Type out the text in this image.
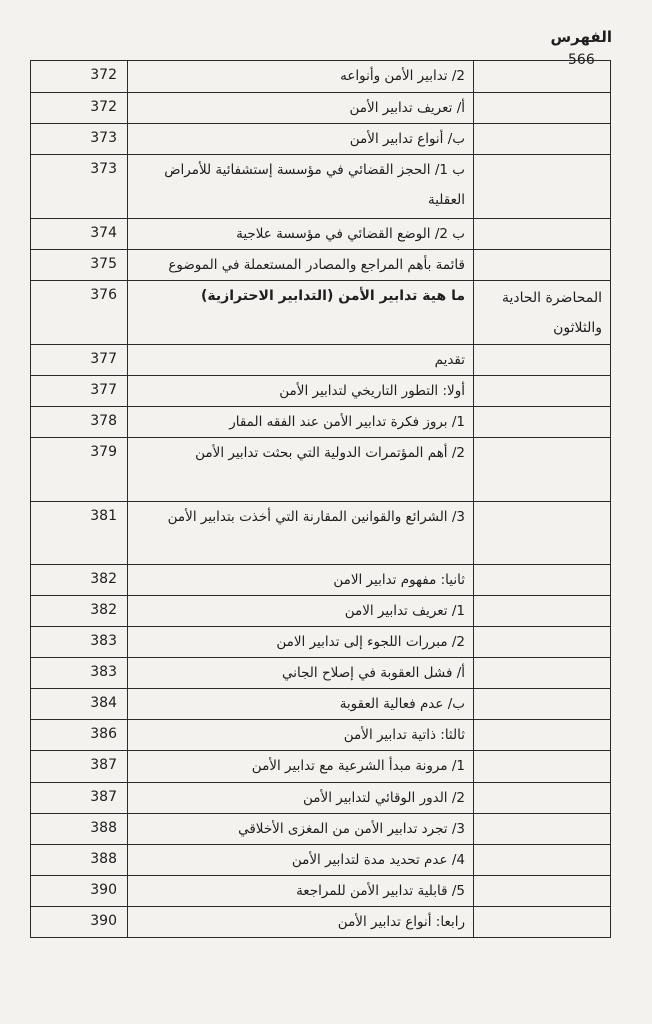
الفهرس
566
372	2/ تدابير الأمن وأنواعه	
372	أ/ تعريف تدابير الأمن	
373	ب/ أنواع تدابير الأمن	
373	ب 1/ الحجز القضائي في مؤسسة إستشفائية للأمراض العقلية	
374	ب 2/ الوضع القضائي في مؤسسة علاجية	
375	قائمة بأهم المراجع والمصادر المستعملة في الموضوع	
376	ما هية تدابير الأمن (التدابير الاحترازية)	المحاضرة الحادية والثلاثون
377	تقديم	
377	أولا: التطور التاريخي لتدابير الأمن	
378	1/ بروز فكرة تدابير الأمن عند الفقه المقار	
379	2/ أهم المؤتمرات الدولية التي بحثت تدابير الأمن	
381	3/ الشرائع والقوانين المقارنة التي أخذت بتدابير الأمن	
382	ثانيا: مفهوم تدابير الامن	
382	1/ تعريف تدابير الامن	
383	2/ مبررات اللجوء إلى تدابير الامن	
383	أ/ فشل العقوبة في إصلاح الجاني	
384	ب/ عدم فعالية العقوبة	
386	ثالثا: ذاتية تدابير الأمن	
387	1/ مرونة مبدأ الشرعية مع تدابير الأمن	
387	2/ الدور الوقائي لتدابير الأمن	
388	3/ تجرد تدابير الأمن من المغزى الأخلاقي	
388	4/ عدم تحديد مدة لتدابير الأمن	
390	5/ قابلية تدابير الأمن للمراجعة	
390	رابعا: أنواع تدابير الأمن	
